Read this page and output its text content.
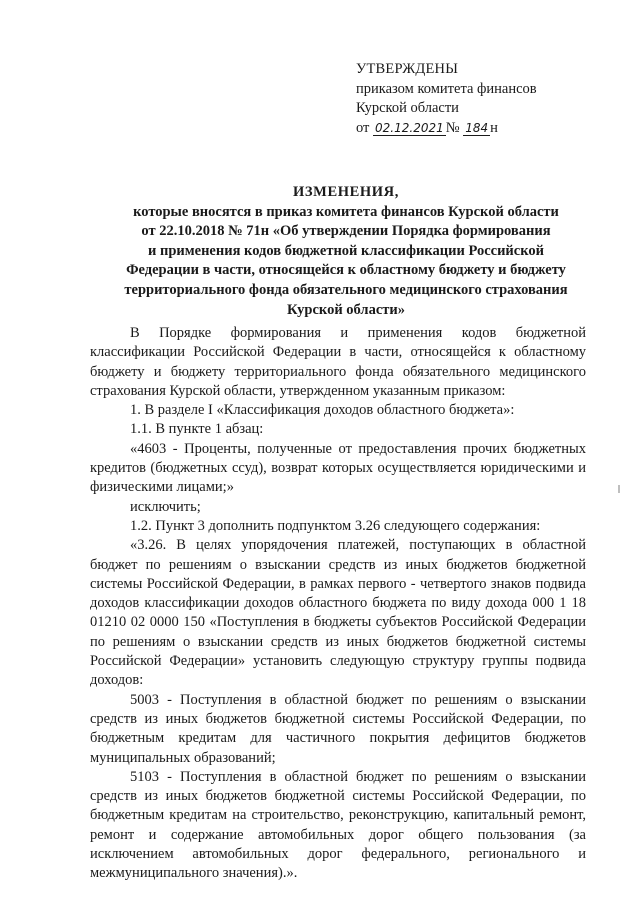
УТВЕРЖДЕНЫ
приказом комитета финансов
Курской области
от 02.12.2021 № 184 н
ИЗМЕНЕНИЯ,
которые вносятся в приказ комитета финансов Курской области
от 22.10.2018 № 71н «Об утверждении Порядка формирования
и применения кодов бюджетной классификации Российской
Федерации в части, относящейся к областному бюджету и бюджету
территориального фонда обязательного медицинского страхования
Курской области»

В Порядке формирования и применения кодов бюджетной классификации Российской Федерации в части, относящейся к областному бюджету и бюджету территориального фонда обязательного медицинского страхования Курской области, утвержденном указанным приказом:

1. В разделе I «Классификация доходов областного бюджета»:

1.1. В пункте 1 абзац:

«4603 - Проценты, полученные от предоставления прочих бюджетных кредитов (бюджетных ссуд), возврат которых осуществляется юридическими и физическими лицами;»

исключить;

1.2. Пункт 3 дополнить подпунктом 3.26 следующего содержания:

«3.26. В целях упорядочения платежей, поступающих в областной бюджет по решениям о взыскании средств из иных бюджетов бюджетной системы Российской Федерации, в рамках первого - четвертого знаков подвида доходов классификации доходов областного бюджета по виду дохода 000 1 18 01210 02 0000 150 «Поступления в бюджеты субъектов Российской Федерации по решениям о взыскании средств из иных бюджетов бюджетной системы Российской Федерации» установить следующую структуру группы подвида доходов:

5003 - Поступления в областной бюджет по решениям о взыскании средств из иных бюджетов бюджетной системы Российской Федерации, по бюджетным кредитам для частичного покрытия дефицитов бюджетов муниципальных образований;

5103 - Поступления в областной бюджет по решениям о взыскании средств из иных бюджетов бюджетной системы Российской Федерации, по бюджетным кредитам на строительство, реконструкцию, капитальный ремонт, ремонт и содержание автомобильных дорог общего пользования (за исключением автомобильных дорог федерального, регионального и межмуниципального значения).».
